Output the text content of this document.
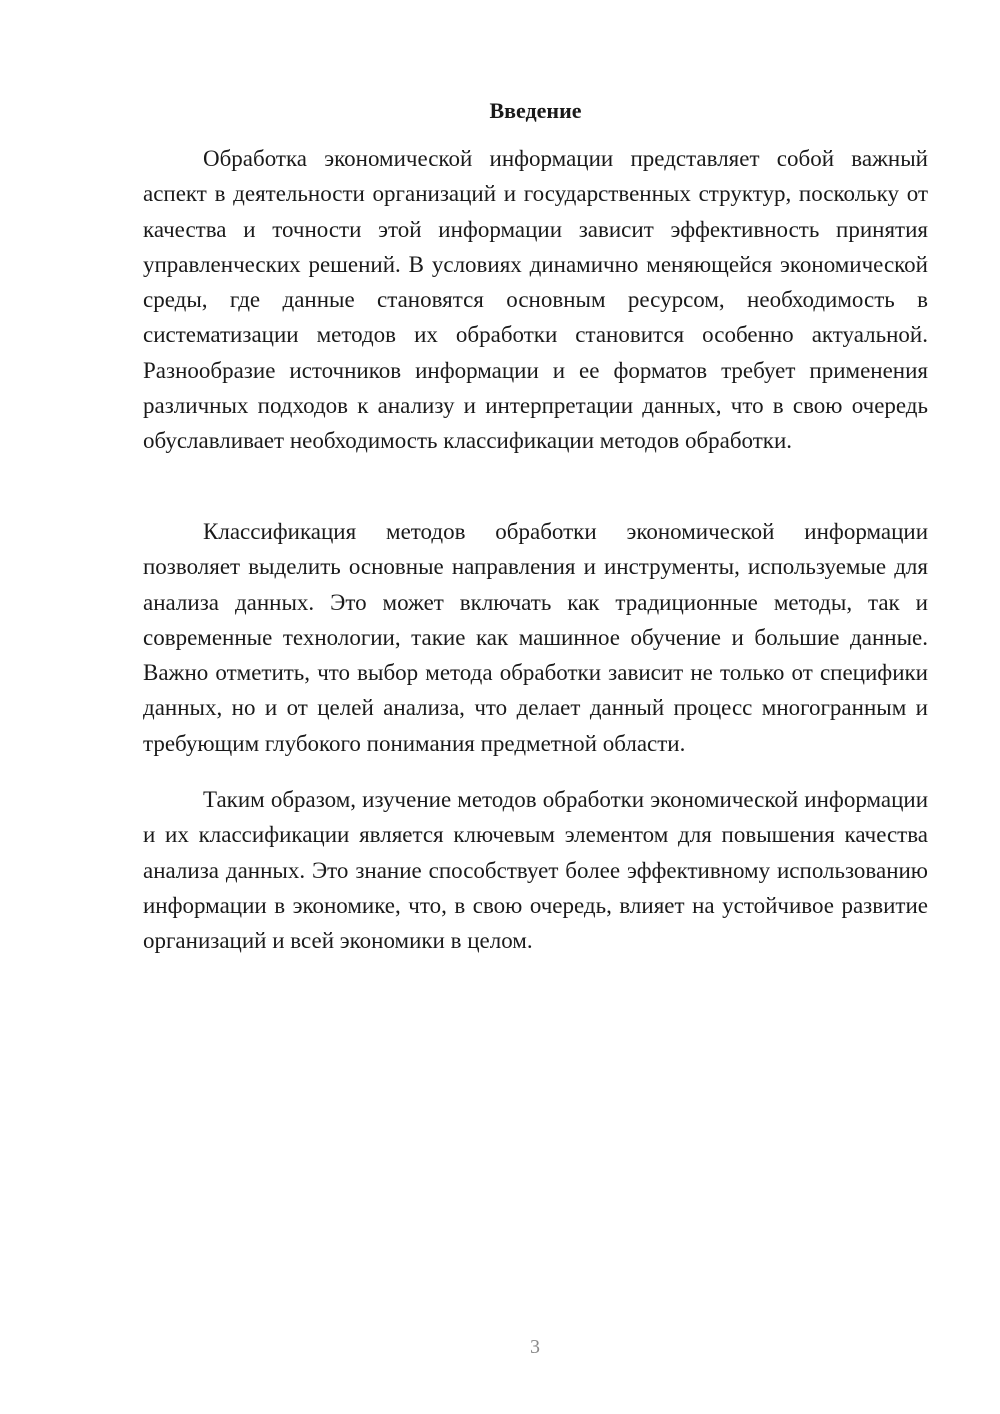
Введение

Обработка экономической информации представляет собой важный аспект в деятельности организаций и государственных структур, поскольку от качества и точности этой информации зависит эффективность принятия управленческих решений. В условиях динамично меняющейся экономической среды, где данные становятся основным ресурсом, необходимость в систематизации методов их обработки становится особенно актуальной. Разнообразие источников информации и ее форматов требует применения различных подходов к анализу и интерпретации данных, что в свою очередь обуславливает необходимость классификации методов обработки.

Классификация методов обработки экономической информации позволяет выделить основные направления и инструменты, используемые для анализа данных. Это может включать как традиционные методы, так и современные технологии, такие как машинное обучение и большие данные. Важно отметить, что выбор метода обработки зависит не только от специфики данных, но и от целей анализа, что делает данный процесс многогранным и требующим глубокого понимания предметной области.

Таким образом, изучение методов обработки экономической информации и их классификации является ключевым элементом для повышения качества анализа данных. Это знание способствует более эффективному использованию информации в экономике, что, в свою очередь, влияет на устойчивое развитие организаций и всей экономики в целом.

3
